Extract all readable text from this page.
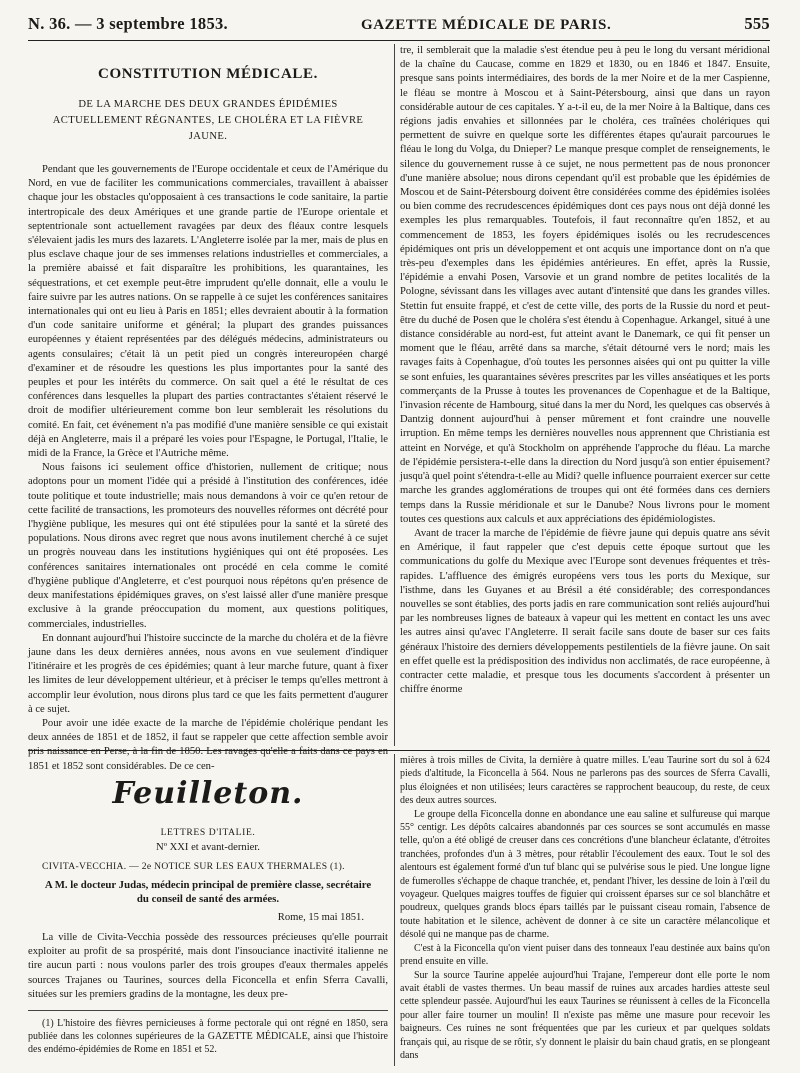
N. 36. — 3 septembre 1853.	GAZETTE MÉDICALE DE PARIS.	555
CONSTITUTION MÉDICALE.
DE LA MARCHE DES DEUX GRANDES ÉPIDÉMIES ACTUELLEMENT RÉGNANTES, LE CHOLÉRA ET LA FIÈVRE JAUNE.

Pendant que les gouvernements de l'Europe occidentale et ceux de l'Amérique du Nord, en vue de faciliter les communications commerciales, travaillent à abaisser chaque jour les obstacles qu'opposaient à ces transactions le code sanitaire, la partie intertropicale des deux Amériques et une grande partie de l'Europe orientale et septentrionale sont actuellement ravagées par deux des fléaux contre lesquels s'élevaient jadis les murs des lazarets. L'Angleterre isolée par la mer, mais de plus en plus esclave chaque jour de ses immenses relations industrielles et commerciales, a la première abaissé et fait disparaître les prohibitions, les quarantaines, les séquestrations, et cet exemple peut-être imprudent qu'elle donnait, elle a voulu le faire suivre par les autres nations. On se rappelle à ce sujet les conférences sanitaires internationales qui ont eu lieu à Paris en 1851; elles devraient aboutir à la formation d'un code sanitaire uniforme et général; la plupart des grandes puissances européennes y étaient représentées par des délégués médecins, administrateurs ou agents consulaires; c'était là un petit pied un congrès intereuropéen chargé d'examiner et de résoudre les questions les plus importantes pour la santé des peuples et pour les intérêts du commerce. On sait quel a été le résultat de ces conférences dans lesquelles la plupart des parties contractantes s'étaient réservé le droit de modifier ultérieurement comme bon leur semblerait les résolutions du comité. En fait, cet événement n'a pas modifié d'une manière sensible ce qui existait déjà en Angleterre, mais il a préparé les voies pour l'Espagne, le Portugal, l'Italie, le midi de la France, la Grèce et l'Autriche même.

Nous faisons ici seulement office d'historien, nullement de critique; nous adoptons pour un moment l'idée qui a présidé à l'institution des conférences, idée toute politique et toute industrielle; mais nous demandons à voir ce qu'en retour de cette facilité de transactions, les promoteurs des nouvelles réformes ont décrété pour l'hygiène publique, les mesures qui ont été stipulées pour la santé et la sûreté des populations. Nous dirons avec regret que nous avons inutilement cherché à ce sujet un progrès nouveau dans les institutions hygiéniques qui ont été proposées. Les conférences sanitaires internationales ont procédé en cela comme le comité d'hygiène publique d'Angleterre, et c'est pourquoi nous répétons qu'en présence de deux manifestations épidémiques graves, on s'est laissé aller d'une manière presque exclusive à la grande préoccupation du moment, aux questions politiques, commerciales, industrielles.

En donnant aujourd'hui l'histoire succincte de la marche du choléra et de la fièvre jaune dans les deux dernières années, nous avons en vue seulement d'indiquer l'itinéraire et les progrès de ces épidémies; quant à leur marche future, quant à fixer les limites de leur développement ultérieur, et à préciser le temps qu'elles mettront à accomplir leur évolution, nous dirons plus tard ce que les faits permettent d'augurer à ce sujet.

Pour avoir une idée exacte de la marche de l'épidémie cholérique pendant les deux années de 1851 et de 1852, il faut se rappeler que cette affection semble avoir pris naissance en Perse, à la fin de 1850. Les ravages qu'elle a faits dans ce pays en 1851 et 1852 sont considérables. De ce cen-

tre, il semblerait que la maladie s'est étendue peu à peu le long du versant méridional de la chaîne du Caucase, comme en 1829 et 1830, ou en 1846 et 1847. Ensuite, presque sans points intermédiaires, des bords de la mer Noire et de la mer Caspienne, le fléau se montre à Moscou et à Saint-Pétersbourg, ainsi que dans un rayon considérable autour de ces capitales. Y a-t-il eu, de la mer Noire à la Baltique, dans ces régions jadis envahies et sillonnées par le choléra, ces traînées cholériques qui permettent de suivre en quelque sorte les différentes étapes qu'aurait parcourues le fléau le long du Volga, du Dnieper? Le manque presque complet de renseignements, le silence du gouvernement russe à ce sujet, ne nous permettent pas de nous prononcer d'une manière absolue; nous dirons cependant qu'il est probable que les épidémies de Moscou et de Saint-Pétersbourg doivent être considérées comme des épidémies isolées ou bien comme des recrudescences épidémiques dont ces pays nous ont déjà donné les exemples les plus remarquables. Toutefois, il faut reconnaître qu'en 1852, et au commencement de 1853, les foyers épidémiques isolés ou les recrudescences épidémiques ont pris un développement et ont acquis une importance dont on n'a que très-peu d'exemples dans les épidémies antérieures. En effet, après la Russie, l'épidémie a envahi Posen, Varsovie et un grand nombre de petites localités de la Pologne, sévissant dans les villages avec autant d'intensité que dans les grandes villes. Stettin fut ensuite frappé, et c'est de cette ville, des ports de la Russie du nord et peut-être du duché de Posen que le choléra s'est étendu à Copenhague. Arkangel, situé à une distance considérable au nord-est, fut atteint avant le Danemark, ce qui fit penser un moment que le fléau, arrêté dans sa marche, s'était détourné vers le nord; mais les ravages faits à Copenhague, d'où toutes les personnes aisées qui ont pu quitter la ville se sont enfuies, les quarantaines sévères prescrites par les villes anséatiques et les ports commerçants de la Prusse à toutes les provenances de Copenhague et de la Baltique, l'invasion récente de Hambourg, situé dans la mer du Nord, les quelques cas observés à Dantzig donnent aujourd'hui à penser mûrement et font craindre une nouvelle irruption. En même temps les dernières nouvelles nous apprennent que Christiania est atteint en Norvége, et qu'à Stockholm on appréhende l'approche du fléau. La marche de l'épidémie persistera-t-elle dans la direction du Nord jusqu'à son entier épuisement? jusqu'à quel point s'étendra-t-elle au Midi? quelle influence pourraient exercer sur cette marche les grandes agglomérations de troupes qui ont été formées dans ces derniers temps dans la Russie méridionale et sur le Danube? Nous livrons pour le moment toutes ces questions aux calculs et aux appréciations des épidémiologistes.

Avant de tracer la marche de l'épidémie de fièvre jaune qui depuis quatre ans sévit en Amérique, il faut rappeler que c'est depuis cette époque surtout que les communications du golfe du Mexique avec l'Europe sont devenues fréquentes et très-rapides. L'affluence des émigrés européens vers tous les ports du Mexique, sur l'isthme, dans les Guyanes et au Brésil a été considérable; des correspondances nouvelles se sont établies, des ports jadis en rare communication sont reliés aujourd'hui par les nombreuses lignes de bateaux à vapeur qui les mettent en contact les uns avec les autres ainsi qu'avec l'Angleterre. Il serait facile sans doute de baser sur ces faits généraux l'histoire des derniers développements pestilentiels de la fièvre jaune. On sait en effet quelle est la prédisposition des individus non acclimatés, de race européenne, à contracter cette maladie, et presque tous les documents s'accordent à présenter un chiffre énorme

Feuilleton.
LETTRES D'ITALIE.
Nº XXI et avant-dernier.
CIVITA-VECCHIA. — 2e NOTICE SUR LES EAUX THERMALES (1).
A M. le docteur Judas, médecin principal de première classe, secrétaire du conseil de santé des armées.
Rome, 15 mai 1851.

La ville de Civita-Vecchia possède des ressources précieuses qu'elle pourrait exploiter au profit de sa prospérité, mais dont l'insouciance inactivité italienne ne tire aucun parti : nous voulons parler des trois groupes d'eaux thermales appelés sources Trajanes ou Taurines, sources della Ficoncella et enfin Sferra Cavalli, situées sur les premiers gradins de la montagne, les deux pre-

(1) L'histoire des fièvres pernicieuses à forme pectorale qui ont régné en 1850, sera publiée dans les colonnes supérieures de la GAZETTE MÉDICALE, ainsi que l'histoire des endémo-épidémies de Rome en 1851 et 52.

mières à trois milles de Civita, la dernière à quatre milles. L'eau Taurine sort du sol à 624 pieds d'altitude, la Ficoncella à 564. Nous ne parlerons pas des sources de Sferra Cavalli, plus éloignées et non utilisées; leurs caractères se rapprochent beaucoup, du reste, de ceux des deux autres sources.

Le groupe della Ficoncella donne en abondance une eau saline et sulfureuse qui marque 55° centigr. Les dépôts calcaires abandonnés par ces sources se sont accumulés en masse telle, qu'on a été obligé de creuser dans ces concrétions d'une blancheur éclatante, d'étroites tranchées, profondes d'un à 3 mètres, pour rétablir l'écoulement des eaux. Tout le sol des alentours est également formé d'un tuf blanc qui se pulvérise sous le pied. Une longue ligne de fumerolles s'échappe de chaque tranchée, et, pendant l'hiver, les dessine de loin à l'œil du voyageur. Quelques maigres touffes de figuier qui croissent éparses sur ce sol blanchâtre et poudreux, quelques grands blocs épars taillés par le puissant ciseau romain, l'absence de toute habitation et le silence, achèvent de donner à ce site un caractère mélancolique et désolé qui ne manque pas de charme.

C'est à la Ficoncella qu'on vient puiser dans des tonneaux l'eau destinée aux bains qu'on prend ensuite en ville.

Sur la source Taurine appelée aujourd'hui Trajane, l'empereur dont elle porte le nom avait établi de vastes thermes. Un beau massif de ruines aux arcades hardies atteste seul cette splendeur passée. Aujourd'hui les eaux Taurines se réunissent à celles de la Ficoncella pour aller faire tourner un moulin! Il n'existe pas même une masure pour recevoir les baigneurs. Ces ruines ne sont fréquentées que par les curieux et par quelques soldats français qui, au risque de se rôtir, s'y donnent le plaisir du bain chaud gratis, en se plongeant dans
